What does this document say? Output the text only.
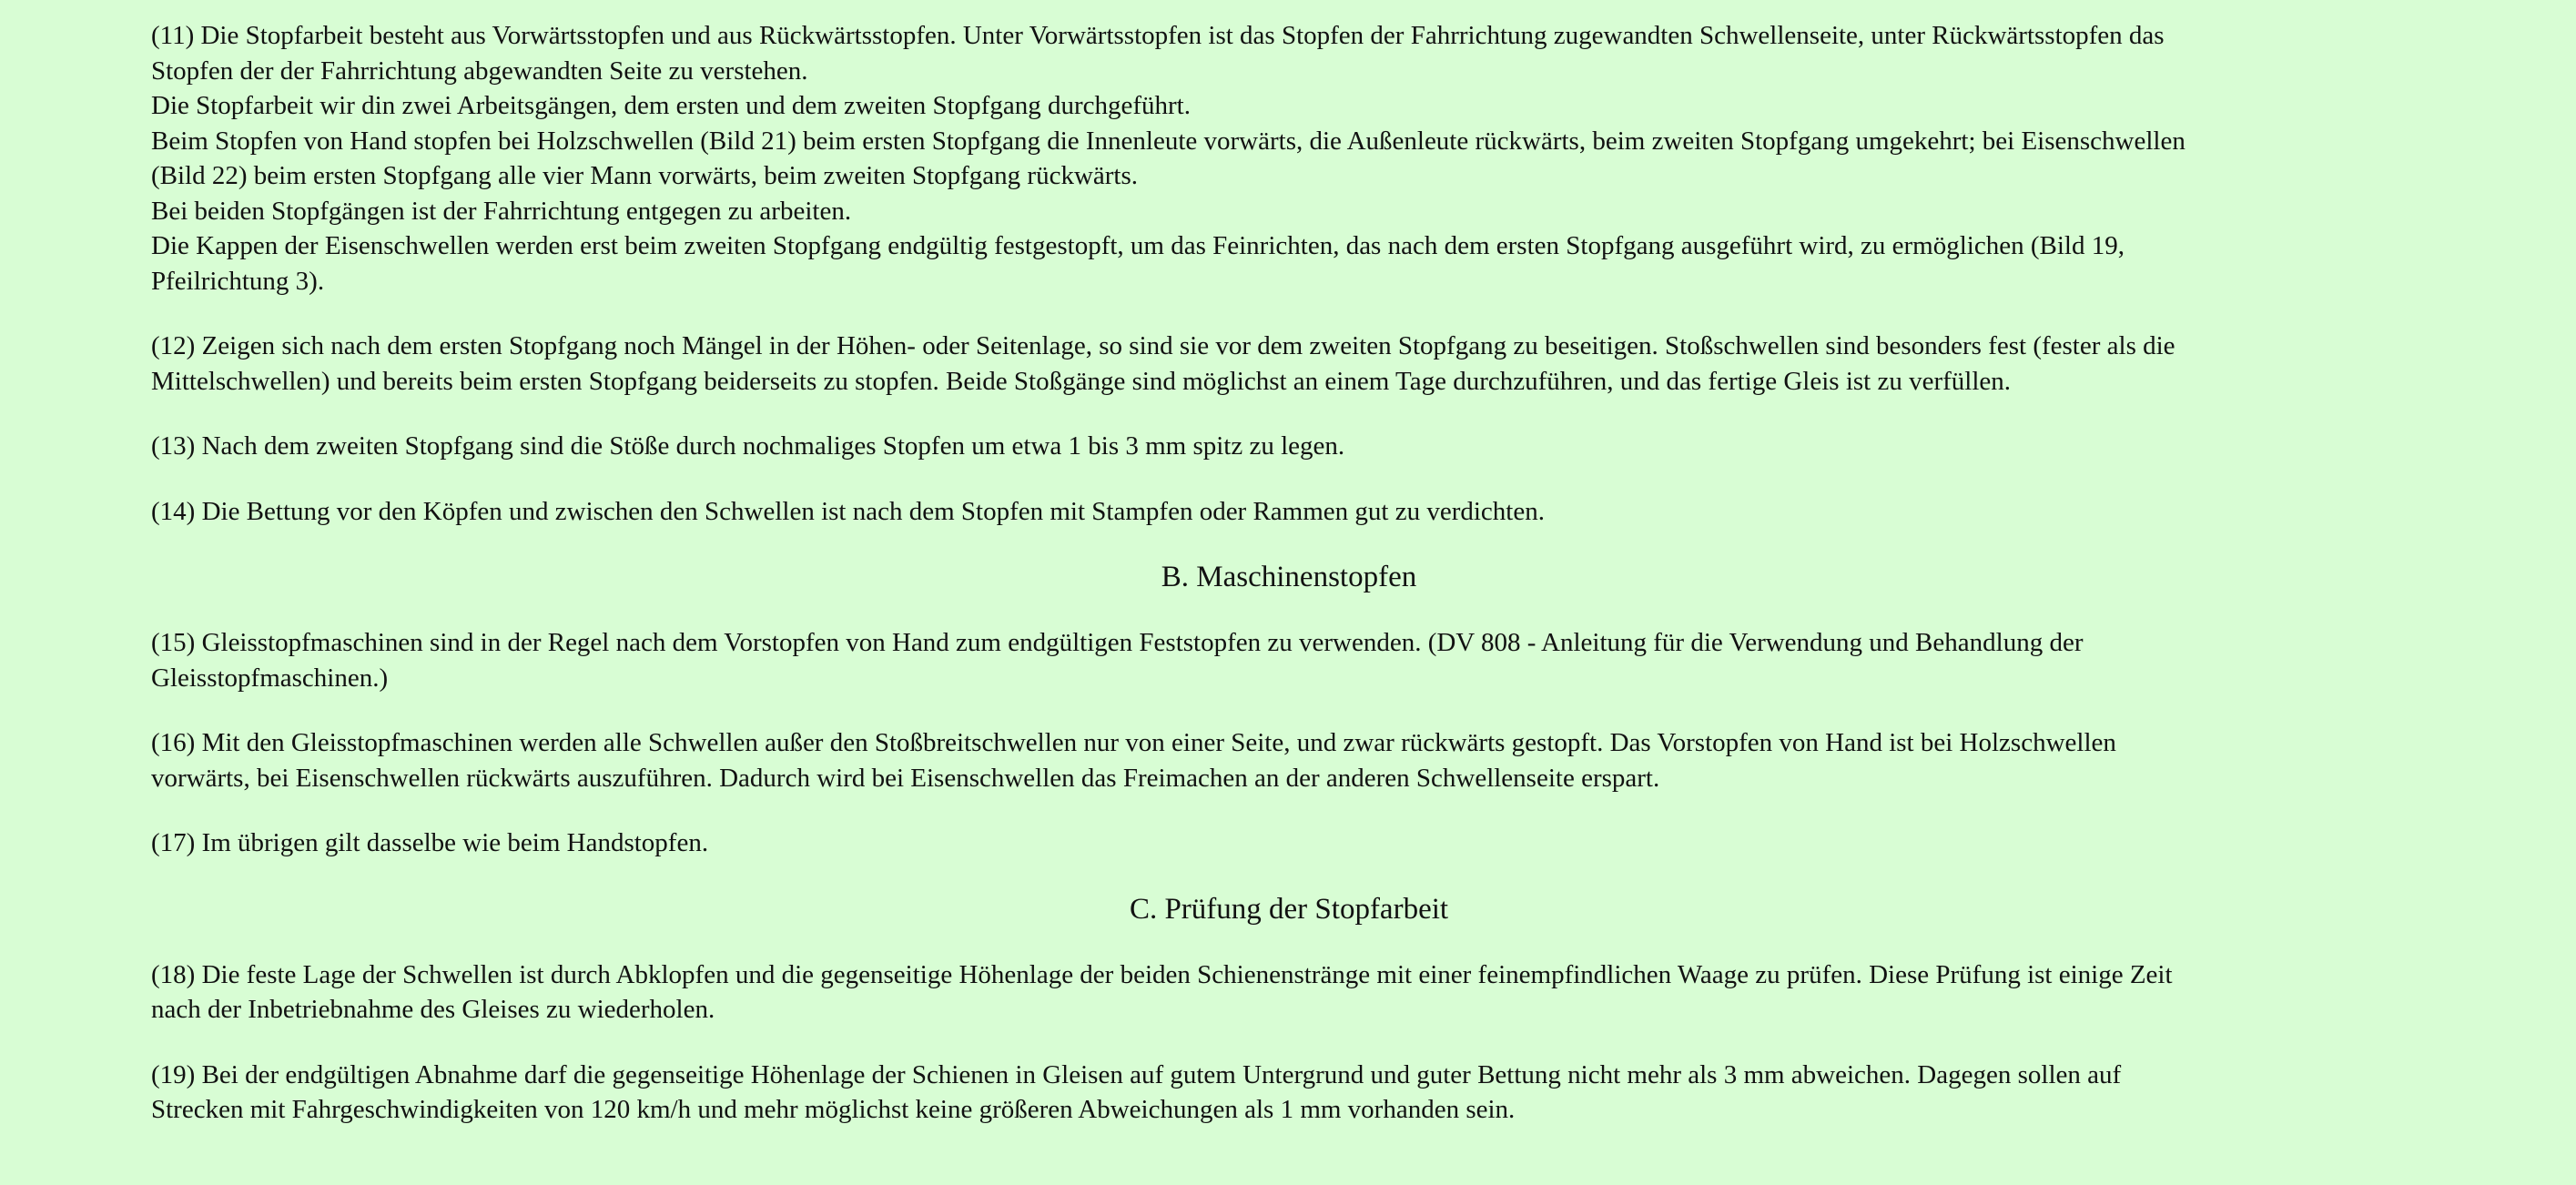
(11) Die Stopfarbeit besteht aus Vorwärtsstopfen und aus Rückwärtsstopfen. Unter Vorwärtsstopfen ist das Stopfen der Fahrrichtung zugewandten Schwellenseite, unter Rückwärtsstopfen das
Stopfen der der Fahrrichtung abgewandten Seite zu verstehen.
Die Stopfarbeit wir din zwei Arbeitsgängen, dem ersten und dem zweiten Stopfgang durchgeführt.
Beim Stopfen von Hand stopfen bei Holzschwellen (Bild 21) beim ersten Stopfgang die Innenleute vorwärts, die Außenleute rückwärts, beim zweiten Stopfgang umgekehrt; bei Eisenschwellen
(Bild 22) beim ersten Stopfgang alle vier Mann vorwärts, beim zweiten Stopfgang rückwärts.
Bei beiden Stopfgängen ist der Fahrrichtung entgegen zu arbeiten.
Die Kappen der Eisenschwellen werden erst beim zweiten Stopfgang endgültig festgestopft, um das Feinrichten, das nach dem ersten Stopfgang ausgeführt wird, zu ermöglichen (Bild 19,
Pfeilrichtung 3).

(12) Zeigen sich nach dem ersten Stopfgang noch Mängel in der Höhen- oder Seitenlage, so sind sie vor dem zweiten Stopfgang zu beseitigen. Stoßschwellen sind besonders fest (fester als die
Mittelschwellen) und bereits beim ersten Stopfgang beiderseits zu stopfen. Beide Stoßgänge sind möglichst an einem Tage durchzuführen, und das fertige Gleis ist zu verfüllen.

(13) Nach dem zweiten Stopfgang sind die Stöße durch nochmaliges Stopfen um etwa 1 bis 3 mm spitz zu legen.

(14) Die Bettung vor den Köpfen und zwischen den Schwellen ist nach dem Stopfen mit Stampfen oder Rammen gut zu verdichten.

B. Maschinenstopfen

(15) Gleisstopfmaschinen sind in der Regel nach dem Vorstopfen von Hand zum endgültigen Feststopfen zu verwenden. (DV 808 - Anleitung für die Verwendung und Behandlung der
Gleisstopfmaschinen.)

(16) Mit den Gleisstopfmaschinen werden alle Schwellen außer den Stoßbreitschwellen nur von einer Seite, und zwar rückwärts gestopft. Das Vorstopfen von Hand ist bei Holzschwellen
vorwärts, bei Eisenschwellen rückwärts auszuführen. Dadurch wird bei Eisenschwellen das Freimachen an der anderen Schwellenseite erspart.

(17) Im übrigen gilt dasselbe wie beim Handstopfen.

C. Prüfung der Stopfarbeit

(18) Die feste Lage der Schwellen ist durch Abklopfen und die gegenseitige Höhenlage der beiden Schienenstränge mit einer feinempfindlichen Waage zu prüfen. Diese Prüfung ist einige Zeit
nach der Inbetriebnahme des Gleises zu wiederholen.

(19) Bei der endgültigen Abnahme darf die gegenseitige Höhenlage der Schienen in Gleisen auf gutem Untergrund und guter Bettung nicht mehr als 3 mm abweichen. Dagegen sollen auf
Strecken mit Fahrgeschwindigkeiten von 120 km/h und mehr möglichst keine größeren Abweichungen als 1 mm vorhanden sein.
